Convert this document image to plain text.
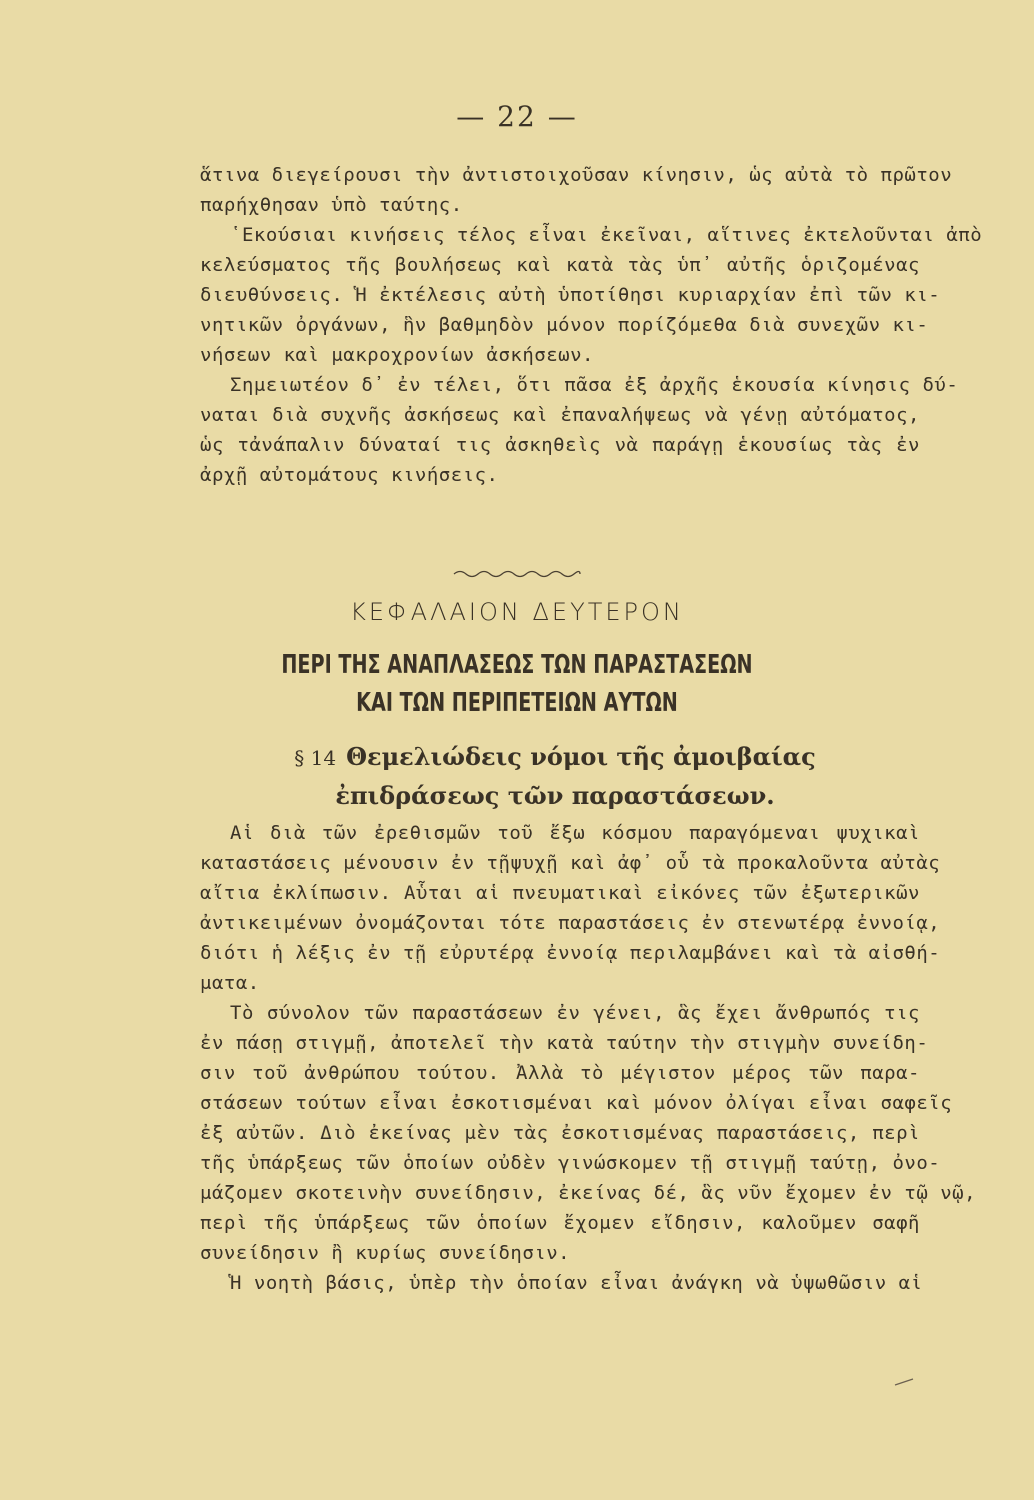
— 22 —
ἅτινα διεγείρουσι τὴν ἀντιστοιχοῦσαν κίνησιν, ὡς αὐτὰ τὸ πρῶτον
παρήχθησαν ὑπὸ ταύτης.
῾Εκούσιαι κινήσεις τέλος εἶναι ἐκεῖναι, αἵτινες ἐκτελοῦνται ἀπὸ
κελεύσματος τῆς βουλήσεως καὶ κατὰ τὰς ὑπ᾽ αὐτῆς ὁριζομένας
διευθύνσεις. Ἡ ἐκτέλεσις αὐτὴ ὑποτίθησι κυριαρχίαν ἐπὶ τῶν κι-
νητικῶν ὀργάνων, ἣν βαθμηδὸν μόνον πορίζόμεθα διὰ συνεχῶν κι-
νήσεων καὶ μακροχρονίων ἀσκήσεων.
Σημειωτέον δ᾽ ἐν τέλει, ὅτι πᾶσα ἐξ ἀρχῆς ἑκουσία κίνησις δύ-
ναται διὰ συχνῆς ἀσκήσεως καὶ ἐπαναλήψεως νὰ γένῃ αὐτόματος,
ὡς τἀνάπαλιν δύναταί τις ἀσκηθεὶς νὰ παράγῃ ἑκουσίως τὰς ἐν
ἀρχῇ αὐτομάτους κινήσεις.
ΚΕΦΑΛΑΙΟΝ ΔΕΥΤΕΡΟΝ
ΠΕΡΙ ΤΗΣ ΑΝΑΠΛΑΣΕΩΣ ΤΩΝ ΠΑΡΑΣΤΑΣΕΩΝ
ΚΑΙ ΤΩΝ ΠΕΡΙΠΕΤΕΙΩΝ ΑΥΤΩΝ
§ 14 Θεμελιώδεις νόμοι τῆς ἀμοιβαίας
ἐπιδράσεως τῶν παραστάσεων.
Αἱ διὰ τῶν ἐρεθισμῶν τοῦ ἔξω κόσμου παραγόμεναι ψυχικαὶ
καταστάσεις μένουσιν ἐν τῇψυχῇ καὶ ἀφ᾽ οὗ τὰ προκαλοῦντα αὐτὰς
αἴτια ἐκλίπωσιν. Αὗται αἱ πνευματικαὶ εἰκόνες τῶν ἐξωτερικῶν
ἀντικειμένων ὀνομάζονται τότε παραστάσεις ἐν στενωτέρᾳ ἐννοίᾳ,
διότι ἡ λέξις ἐν τῇ εὐρυτέρᾳ ἐννοίᾳ περιλαμβάνει καὶ τὰ αἰσθή-
ματα.
Τὸ σύνολον τῶν παραστάσεων ἐν γένει, ἃς ἔχει ἄνθρωπός τις
ἐν πάσῃ στιγμῇ, ἀποτελεῖ τὴν κατὰ ταύτην τὴν στιγμὴν συνείδη-
σιν τοῦ ἀνθρώπου τούτου. Ἀλλὰ τὸ μέγιστον μέρος τῶν παρα-
στάσεων τούτων εἶναι ἐσκοτισμέναι καὶ μόνον ὀλίγαι εἶναι σαφεῖς
ἐξ αὐτῶν. Διὸ ἐκείνας μὲν τὰς ἐσκοτισμένας παραστάσεις, περὶ
τῆς ὑπάρξεως τῶν ὁποίων οὐδὲν γινώσκομεν τῇ στιγμῇ ταύτῃ, ὀνο-
μάζομεν σκοτεινὴν συνείδησιν, ἐκείνας δέ, ἃς νῦν ἔχομεν ἐν τῷ νῷ,
περὶ τῆς ὑπάρξεως τῶν ὁποίων ἔχομεν εἴδησιν, καλοῦμεν σαφῆ
συνείδησιν ἢ κυρίως συνείδησιν.
Ἡ νοητὴ βάσις, ὑπὲρ τὴν ὁποίαν εἶναι ἀνάγκη νὰ ὑψωθῶσιν αἱ
